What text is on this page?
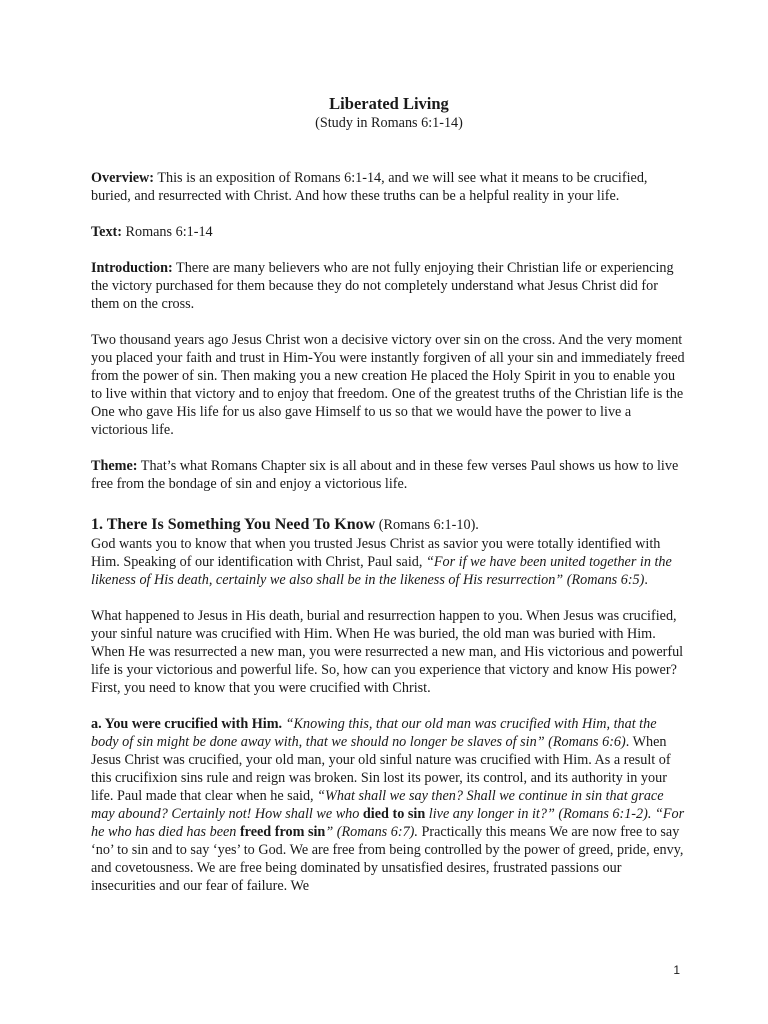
Liberated Living
(Study in Romans 6:1-14)

Overview: This is an exposition of Romans 6:1-14, and we will see what it means to be crucified, buried, and resurrected with Christ. And how these truths can be a helpful reality in your life.

Text: Romans 6:1-14

Introduction: There are many believers who are not fully enjoying their Christian life or experiencing the victory purchased for them because they do not completely understand what Jesus Christ did for them on the cross.

Two thousand years ago Jesus Christ won a decisive victory over sin on the cross. And the very moment you placed your faith and trust in Him-You were instantly forgiven of all your sin and immediately freed from the power of sin. Then making you a new creation He placed the Holy Spirit in you to enable you to live within that victory and to enjoy that freedom. One of the greatest truths of the Christian life is the One who gave His life for us also gave Himself to us so that we would have the power to live a victorious life.

Theme: That’s what Romans Chapter six is all about and in these few verses Paul shows us how to live free from the bondage of sin and enjoy a victorious life.

1. There Is Something You Need To Know (Romans 6:1-10).

God wants you to know that when you trusted Jesus Christ as savior you were totally identified with Him. Speaking of our identification with Christ, Paul said, “For if we have been united together in the likeness of His death, certainly we also shall be in the likeness of His resurrection” (Romans 6:5).

What happened to Jesus in His death, burial and resurrection happen to you. When Jesus was crucified, your sinful nature was crucified with Him. When He was buried, the old man was buried with Him. When He was resurrected a new man, you were resurrected a new man, and His victorious and powerful life is your victorious and powerful life. So, how can you experience that victory and know His power? First, you need to know that you were crucified with Christ.

a. You were crucified with Him. “Knowing this, that our old man was crucified with Him, that the body of sin might be done away with, that we should no longer be slaves of sin” (Romans 6:6). When Jesus Christ was crucified, your old man, your old sinful nature was crucified with Him. As a result of this crucifixion sins rule and reign was broken. Sin lost its power, its control, and its authority in your life. Paul made that clear when he said, “What shall we say then? Shall we continue in sin that grace may abound? Certainly not! How shall we who died to sin live any longer in it?” (Romans 6:1-2). “For he who has died has been freed from sin” (Romans 6:7). Practically this means We are now free to say ‘no’ to sin and to say ‘yes’ to God. We are free from being controlled by the power of greed, pride, envy, and covetousness. We are free being dominated by unsatisfied desires, frustrated passions our insecurities and our fear of failure. We

1
